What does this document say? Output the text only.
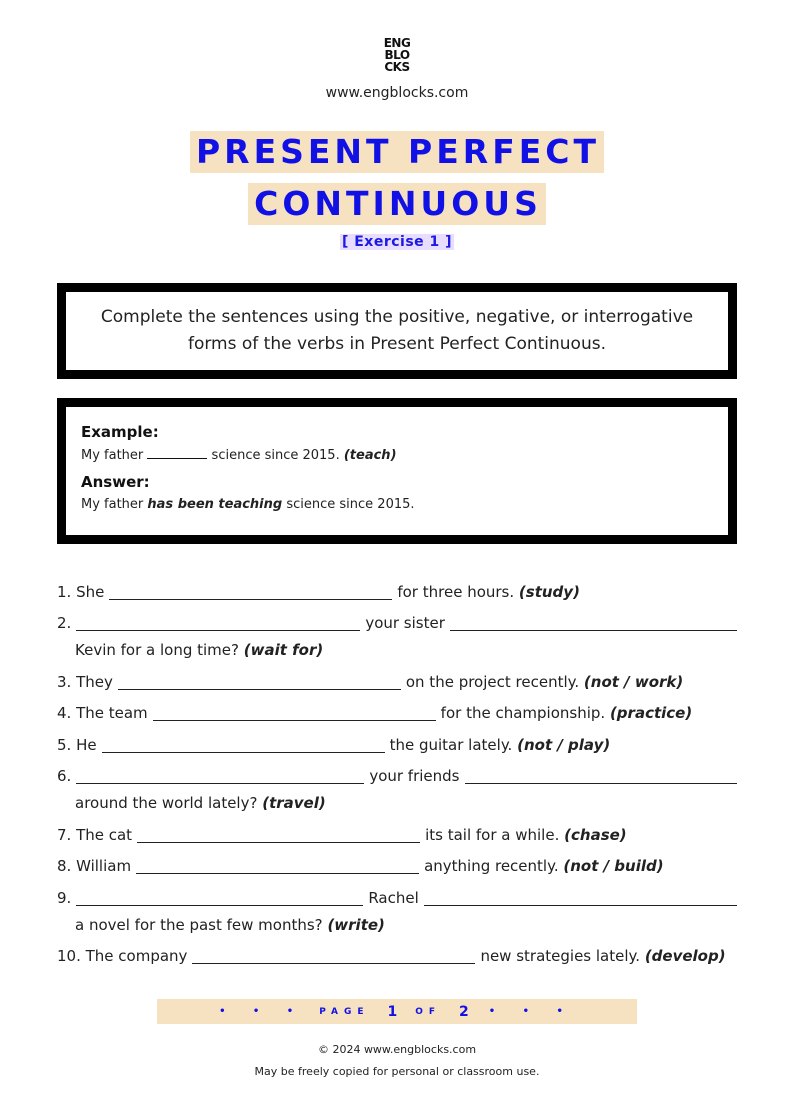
ENG
BLO
CKS
www.engblocks.com
PRESENT PERFECT
CONTINUOUS
[ Exercise 1 ]
Complete the sentences using the positive, negative, or interrogative forms of the verbs in Present Perfect Continuous.
Example:
My father	science since 2015. (teach)
Answer:
My father has been teaching science since 2015.
1. She	for three hours.
(study)
2.	your sister
Kevin for a long time? (wait for)
3. They	on the project recently.
(not / work)
4. The team	for the championship.
(practice)
5. He	the guitar lately.
(not / play)
6.	your friends
around the world lately? (travel)
7. The cat	its tail for a while.
(chase)
8. William	anything recently.
(not / build)
9.	Rachel
a novel for the past few months? (write)
10. The company	new strategies lately.
(develop)
• • • PAGE 1 OF 2 • • •
© 2024 www.engblocks.com
May be freely copied for personal or classroom use.
